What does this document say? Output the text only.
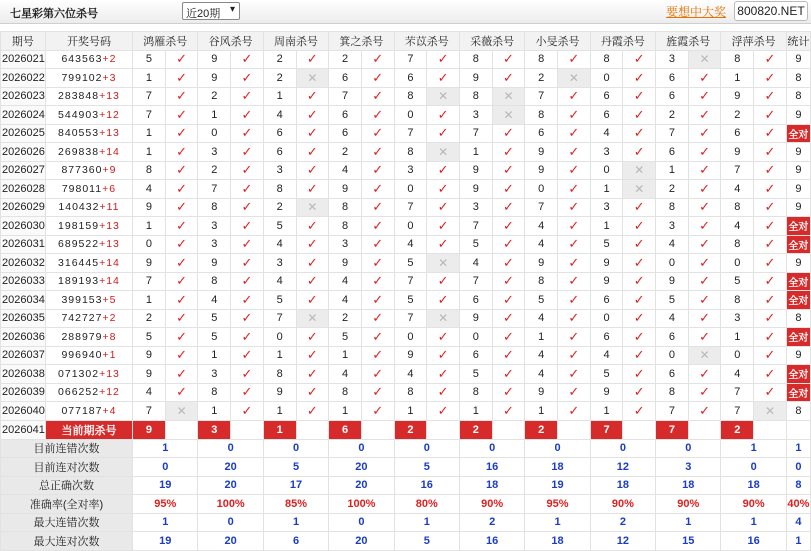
七星彩第六位杀号	近20期 ▾	要想中大奖 800820.NET
期号	开奖号码	鸿雁杀号		谷风杀号		周南杀号		箕之杀号		芣苡杀号		采薇杀号		小旻杀号		丹霞杀号		旌霞杀号		浮萍杀号		统计
2026021	643563+2	5	✓	9	✓	2	✓	2	✓	7	✓	8	✓	8	✓	8	✓	3	✕	8	✓	9
2026022	799102+3	1	✓	9	✓	2	✕	6	✓	6	✓	9	✓	2	✕	0	✓	6	✓	1	✓	8
2026023	283848+13	7	✓	2	✓	1	✓	7	✓	8	✕	8	✕	7	✓	6	✓	6	✓	9	✓	8
2026024	544903+12	7	✓	1	✓	4	✓	6	✓	0	✓	3	✕	8	✓	6	✓	2	✓	2	✓	9
2026025	840553+13	1	✓	0	✓	6	✓	6	✓	7	✓	7	✓	6	✓	4	✓	7	✓	6	✓	全对
2026026	269838+14	1	✓	3	✓	6	✓	2	✓	8	✕	1	✓	9	✓	3	✓	6	✓	9	✓	9
2026027	877360+9	8	✓	2	✓	3	✓	4	✓	3	✓	9	✓	9	✓	0	✕	1	✓	7	✓	9
2026028	798011+6	4	✓	7	✓	8	✓	9	✓	0	✓	9	✓	0	✓	1	✕	2	✓	4	✓	9
2026029	140432+11	9	✓	8	✓	2	✕	8	✓	7	✓	3	✓	7	✓	3	✓	8	✓	8	✓	9
2026030	198159+13	1	✓	3	✓	5	✓	8	✓	0	✓	7	✓	4	✓	1	✓	3	✓	4	✓	全对
2026031	689522+13	0	✓	3	✓	4	✓	3	✓	4	✓	5	✓	4	✓	5	✓	4	✓	8	✓	全对
2026032	316445+14	9	✓	9	✓	3	✓	9	✓	5	✕	4	✓	9	✓	9	✓	0	✓	0	✓	9
2026033	189193+14	7	✓	8	✓	4	✓	4	✓	7	✓	7	✓	8	✓	9	✓	9	✓	5	✓	全对
2026034	399153+5	1	✓	4	✓	5	✓	4	✓	5	✓	6	✓	5	✓	6	✓	5	✓	8	✓	全对
2026035	742727+2	2	✓	5	✓	7	✕	2	✓	7	✕	9	✓	4	✓	0	✓	4	✓	3	✓	8
2026036	288979+8	5	✓	5	✓	0	✓	5	✓	0	✓	0	✓	1	✓	6	✓	6	✓	1	✓	全对
2026037	996940+1	9	✓	1	✓	1	✓	1	✓	9	✓	6	✓	4	✓	4	✓	0	✕	0	✓	9
2026038	071302+13	9	✓	3	✓	8	✓	4	✓	4	✓	5	✓	4	✓	5	✓	6	✓	4	✓	全对
2026039	066252+12	4	✓	8	✓	9	✓	8	✓	8	✓	8	✓	9	✓	9	✓	8	✓	7	✓	全对
2026040	077187+4	7	✕	1	✓	1	✓	1	✓	1	✓	1	✓	1	✓	1	✓	7	✓	7	✕	8
2026041	当前期杀号	9		3		1		6		2		2		2		7		7		2		
目前连错次数		1		0		0		0		0		0		0		0		0		1		1
目前连对次数		0		20		5		20		5		16		18		12		3		0		0
总正确次数		19		20		17		20		16		18		19		18		18		18		8
准确率(全对率)		95%		100%		85%		100%		80%		90%		95%		90%		90%		90%		40%
最大连错次数		1		0		1		0		1		2		1		2		1		1		4
最大连对次数		19		20		6		20		5		16		18		12		15		16		1
